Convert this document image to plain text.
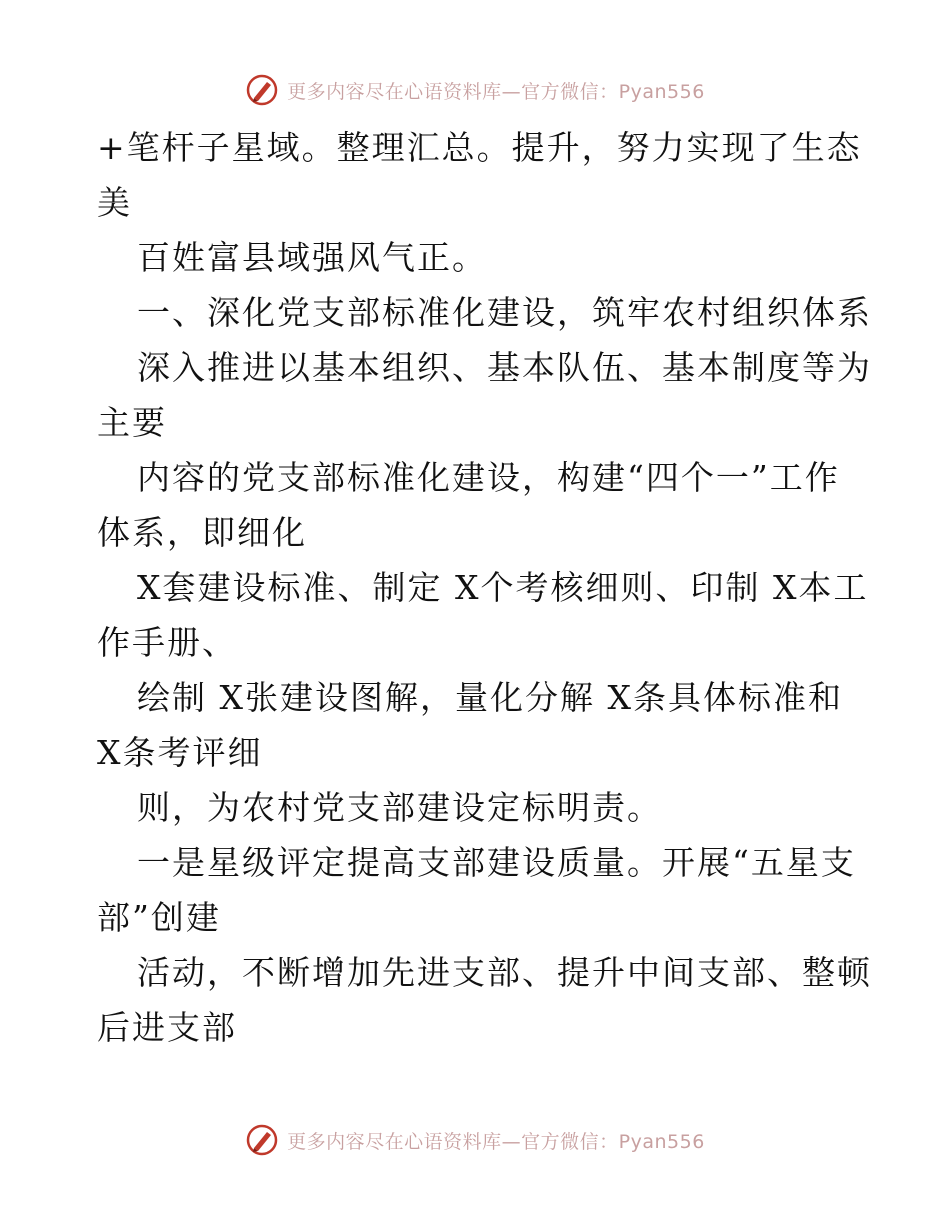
更多内容尽在心语资料库—官方微信：Pyan556
+笔杆子星域。整理汇总。提升，努力实现了生态
美
百姓富县域强风气正。
一、深化党支部标准化建设，筑牢农村组织体系
深入推进以基本组织、基本队伍、基本制度等为
主要
内容的党支部标准化建设，构建“四个一”工作
体系，即细化
X套建设标准、制定 X个考核细则、印制 X本工
作手册、
绘制 X张建设图解，量化分解 X条具体标准和
X条考评细
则，为农村党支部建设定标明责。
一是星级评定提高支部建设质量。开展“五星支
部”创建
活动，不断增加先进支部、提升中间支部、整顿
后进支部
更多内容尽在心语资料库—官方微信：Pyan556
